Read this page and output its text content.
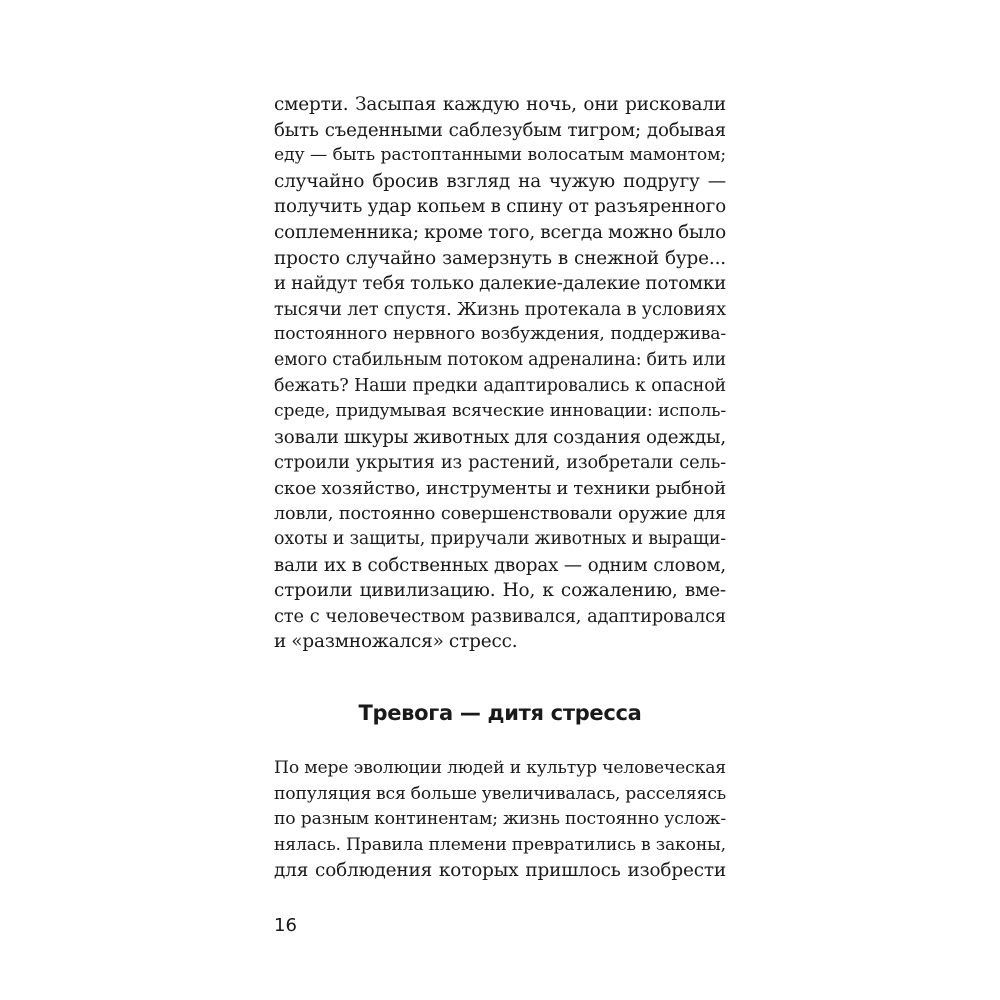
смерти. Засыпая каждую ночь, они рисковали
быть съеденными саблезубым тигром; добывая
еду — быть растоптанными волосатым мамонтом;
случайно бросив взгляд на чужую подругу —
получить удар копьем в спину от разъяренного
соплеменника; кроме того, всегда можно было
просто случайно замерзнуть в снежной буре...
и найдут тебя только далекие-далекие потомки
тысячи лет спустя. Жизнь протекала в условиях
постоянного нервного возбуждения, поддержива-
емого стабильным потоком адреналина: бить или
бежать? Наши предки адаптировались к опасной
среде, придумывая всяческие инновации: исполь-
зовали шкуры животных для создания одежды,
строили укрытия из растений, изобретали сель-
ское хозяйство, инструменты и техники рыбной
ловли, постоянно совершенствовали оружие для
охоты и защиты, приручали животных и выращи-
вали их в собственных дворах — одним словом,
строили цивилизацию. Но, к сожалению, вме-
сте с человечеством развивался, адаптировался
и «размножался» стресс.
Тревога — дитя стресса
По мере эволюции людей и культур человеческая
популяция вся больше увеличивалась, расселяясь
по разным континентам; жизнь постоянно услож-
нялась. Правила племени превратились в законы,
для соблюдения которых пришлось изобрести
16
